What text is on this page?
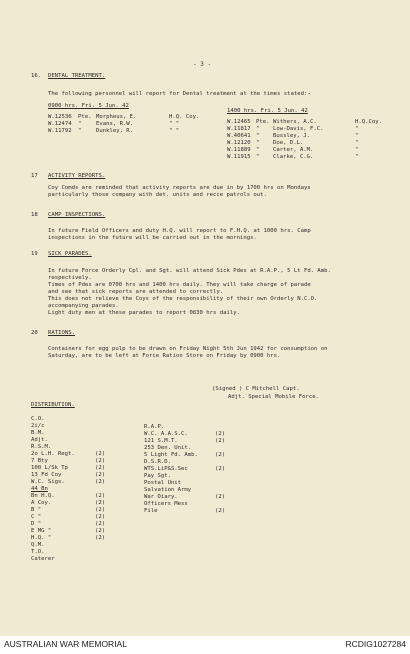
- 3 -
16. DENTAL TREATMENT.
The following personnel will report for Dental treatment at the times stated:-
0900 hrs. Fri. 5 Jun. 42
W.12536 Pte. Morpheus, E.	H.Q. Coy.
W.12474 "	Evans, R.W.	" "
W.11792 "	Dunkley, R.	" "
1400 hrs. Fri. 5 Jun. 42
W.12465 Pte. Withers, A.C.	H.Q.Coy.
W.11817 " Low-Davis, F.C.	"
W.40641 " Bussley, J.	"
W.12120 " Doe, D.L.	"
W.11889 " Carter, A.M.	"
W.11915 " Clarke, C.G.	"
17 ACTIVITY REPORTS.
Coy Comds are reminded that activity reports are due in by 1700 hrs on Mondays
particularly those company with det. units and recce patrols out.
18 CAMP INSPECTIONS.
In future Field Officers and duty H.Q. will report to F.H.Q. at 1000 hrs. Camp
inspections in the future will be carried out in the mornings.
19 SICK PARADES.
In future Force Orderly Cpl. and Sgt. will attend Sick Pdes at R.A.P., 5 Lt Fd. Amb.
respectively.
Times of Pdes are 0700 hrs and 1400 hrs daily. They will take charge of parade
and see that sick reports are attended to correctly.
This does not relieve the Coys of the responsibility of their own Orderly N.C.O.
accompanying parades.
Light duty men at these parades to report 0830 hrs daily.
20 RATIONS.
Containers for egg pulp to be drawn on Friday Night 5th Jun 1942 for consumption on
Saturday, are to be left at Force Ration Store on Friday by 0900 hrs.
(Signed ) C Mitchell Capt.
Adjt. Special Mobile Force.
DISTRIBUTION.
C.O.
2i/c
B.M.
Adjt.
R.S.M.
2o L.H. Regt.	(2)
7 Bty	(2)
100 L/Sk Tp	(2)
13 Fd Coy	(2)
W.C. Sigs.	(2)
44 Bn
Bn H.Q.	(2)
A Coy.	(2)
B "	(2)
C "	(2)
D "	(2)
E MG "	(2)
H.Q. "	(2)
Q.M.
T.O.
Caterer
R.A.P.
W.C. A.A.S.C.	(2)
121 S.M.T.	(2)
253 Den. Unit.
5 Light Fd. Amb.	(2)
D.S.R.D.
WTS.LiP&S.Sec	(2)
Pay Sgt.
Postal Unit
Salvation Army
War Diary.	(2)
Officers Mess
File	(2)
AUSTRALIAN WAR MEMORIAL	RCDIG1027284
